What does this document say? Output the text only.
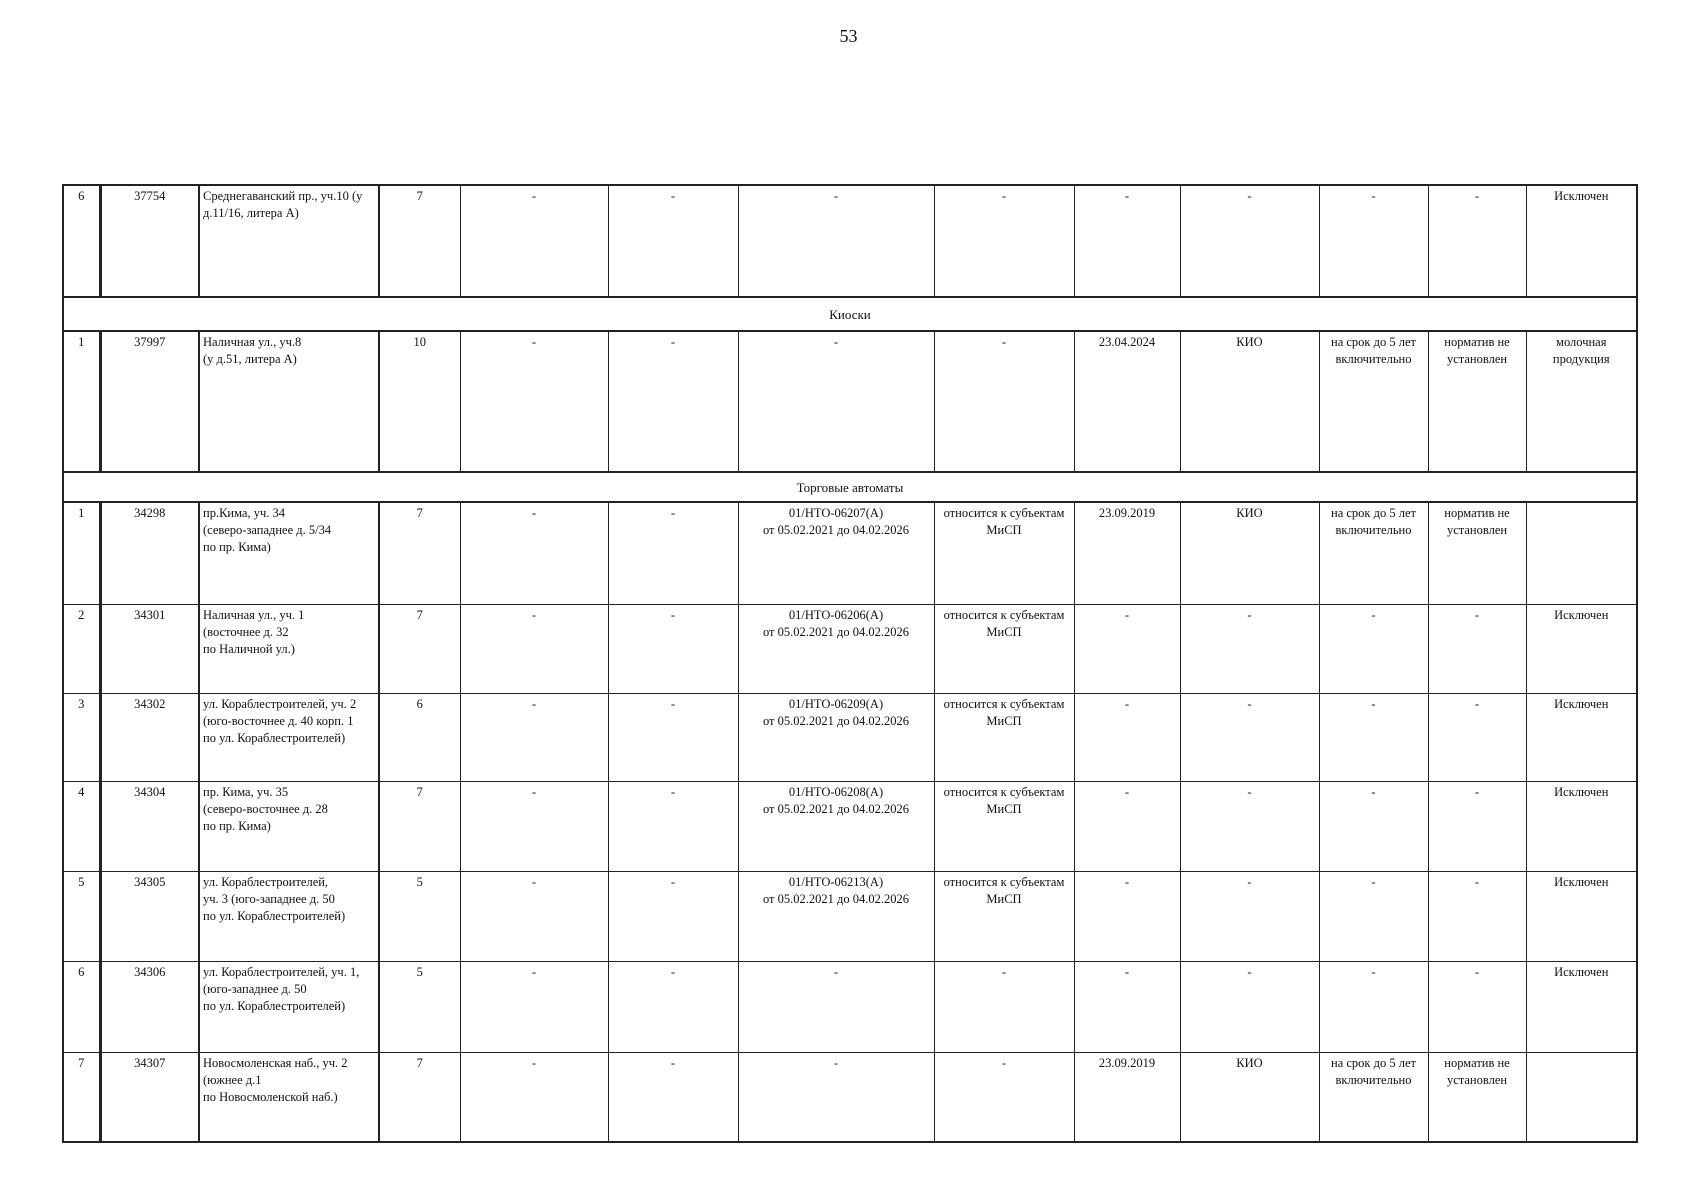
53
6	37754	Среднегаванский пр., уч.10 (у д.11/16, литера А)	7	-	-	-	-	-	-	-	-	Исключен
Киоски												
1	37997	Наличная ул., уч.8
(у д.51, литера А)	10	-	-	-	-	23.04.2024	КИО	на срок до 5 лет включительно	норматив не установлен	молочная продукция
Торговые автоматы												
1	34298	пр.Кима, уч. 34
(северо-западнее д. 5/34
по пр. Кима)	7	-	-	01/НТО-06207(А)
от 05.02.2021 до 04.02.2026	относится к субъектам МиСП	23.09.2019	КИО	на срок до 5 лет включительно	норматив не установлен	
2	34301	Наличная ул., уч. 1
(восточнее д. 32
по Наличной ул.)	7	-	-	01/НТО-06206(А)
от 05.02.2021 до 04.02.2026	относится к субъектам МиСП	-	-	-	-	Исключен
3	34302	ул. Кораблестроителей, уч. 2
(юго-восточнее д. 40 корп. 1
по ул. Кораблестроителей)	6	-	-	01/НТО-06209(А)
от 05.02.2021 до 04.02.2026	относится к субъектам МиСП	-	-	-	-	Исключен
4	34304	пр. Кима, уч. 35
(северо-восточнее д. 28
по пр. Кима)	7	-	-	01/НТО-06208(А)
от 05.02.2021 до 04.02.2026	относится к субъектам МиСП	-	-	-	-	Исключен
5	34305	ул. Кораблестроителей,
уч. 3 (юго-западнее д. 50
по ул. Кораблестроителей)	5	-	-	01/НТО-06213(А)
от 05.02.2021 до 04.02.2026	относится к субъектам МиСП	-	-	-	-	Исключен
6	34306	ул. Кораблестроителей, уч. 1,
(юго-западнее д. 50
по ул. Кораблестроителей)	5	-	-	-	-	-	-	-	-	Исключен
7	34307	Новосмоленская наб., уч. 2
(южнее д.1
по Новосмоленской наб.)	7	-	-	-	-	23.09.2019	КИО	на срок до 5 лет включительно	норматив не установлен	
